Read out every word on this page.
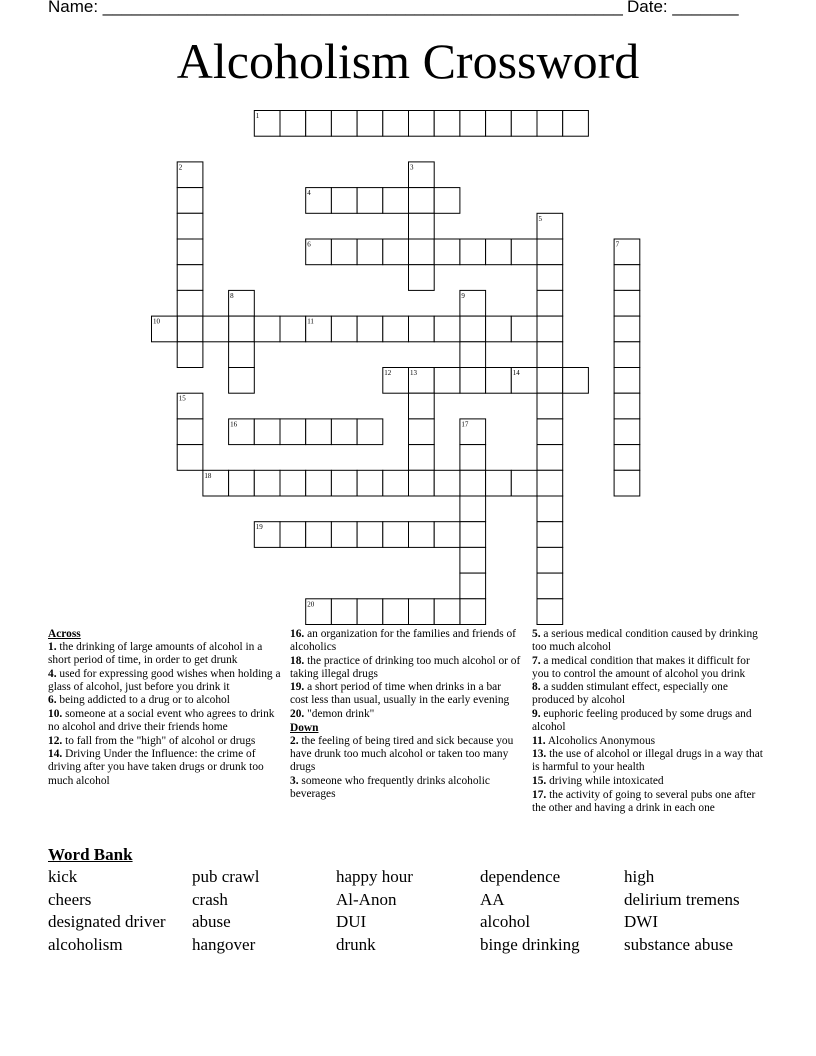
Name: _______________________________________________________ Date: _______
Alcoholism Crossword
1
2	3
4
5
6	7
8	9
10	11
12	13	14
15
16	17
18
19
20
Across
1. the drinking of large amounts of alcohol in a short period of time, in order to get drunk
4. used for expressing good wishes when holding a glass of alcohol, just before you drink it
6. being addicted to a drug or to alcohol
10. someone at a social event who agrees to drink no alcohol and drive their friends home
12. to fall from the "high" of alcohol or drugs
14. Driving Under the Influence: the crime of driving after you have taken drugs or drunk too much alcohol
16. an organization for the families and friends of alcoholics
18. the practice of drinking too much alcohol or of taking illegal drugs
19. a short period of time when drinks in a bar cost less than usual, usually in the early evening
20. "demon drink"
Down
2. the feeling of being tired and sick because you have drunk too much alcohol or taken too many drugs
3. someone who frequently drinks alcoholic beverages
5. a serious medical condition caused by drinking too much alcohol
7. a medical condition that makes it difficult for you to control the amount of alcohol you drink
8. a sudden stimulant effect, especially one produced by alcohol
9. euphoric feeling produced by some drugs and alcohol
11. Alcoholics Anonymous
13. the use of alcohol or illegal drugs in a way that is harmful to your health
15. driving while intoxicated
17. the activity of going to several pubs one after the other and having a drink in each one
Word Bank
kick	pub crawl	happy hour	dependence	high
cheers	crash	Al-Anon	AA	delirium tremens
designated driver	abuse	DUI	alcohol	DWI
alcoholism	hangover	drunk	binge drinking	substance abuse
